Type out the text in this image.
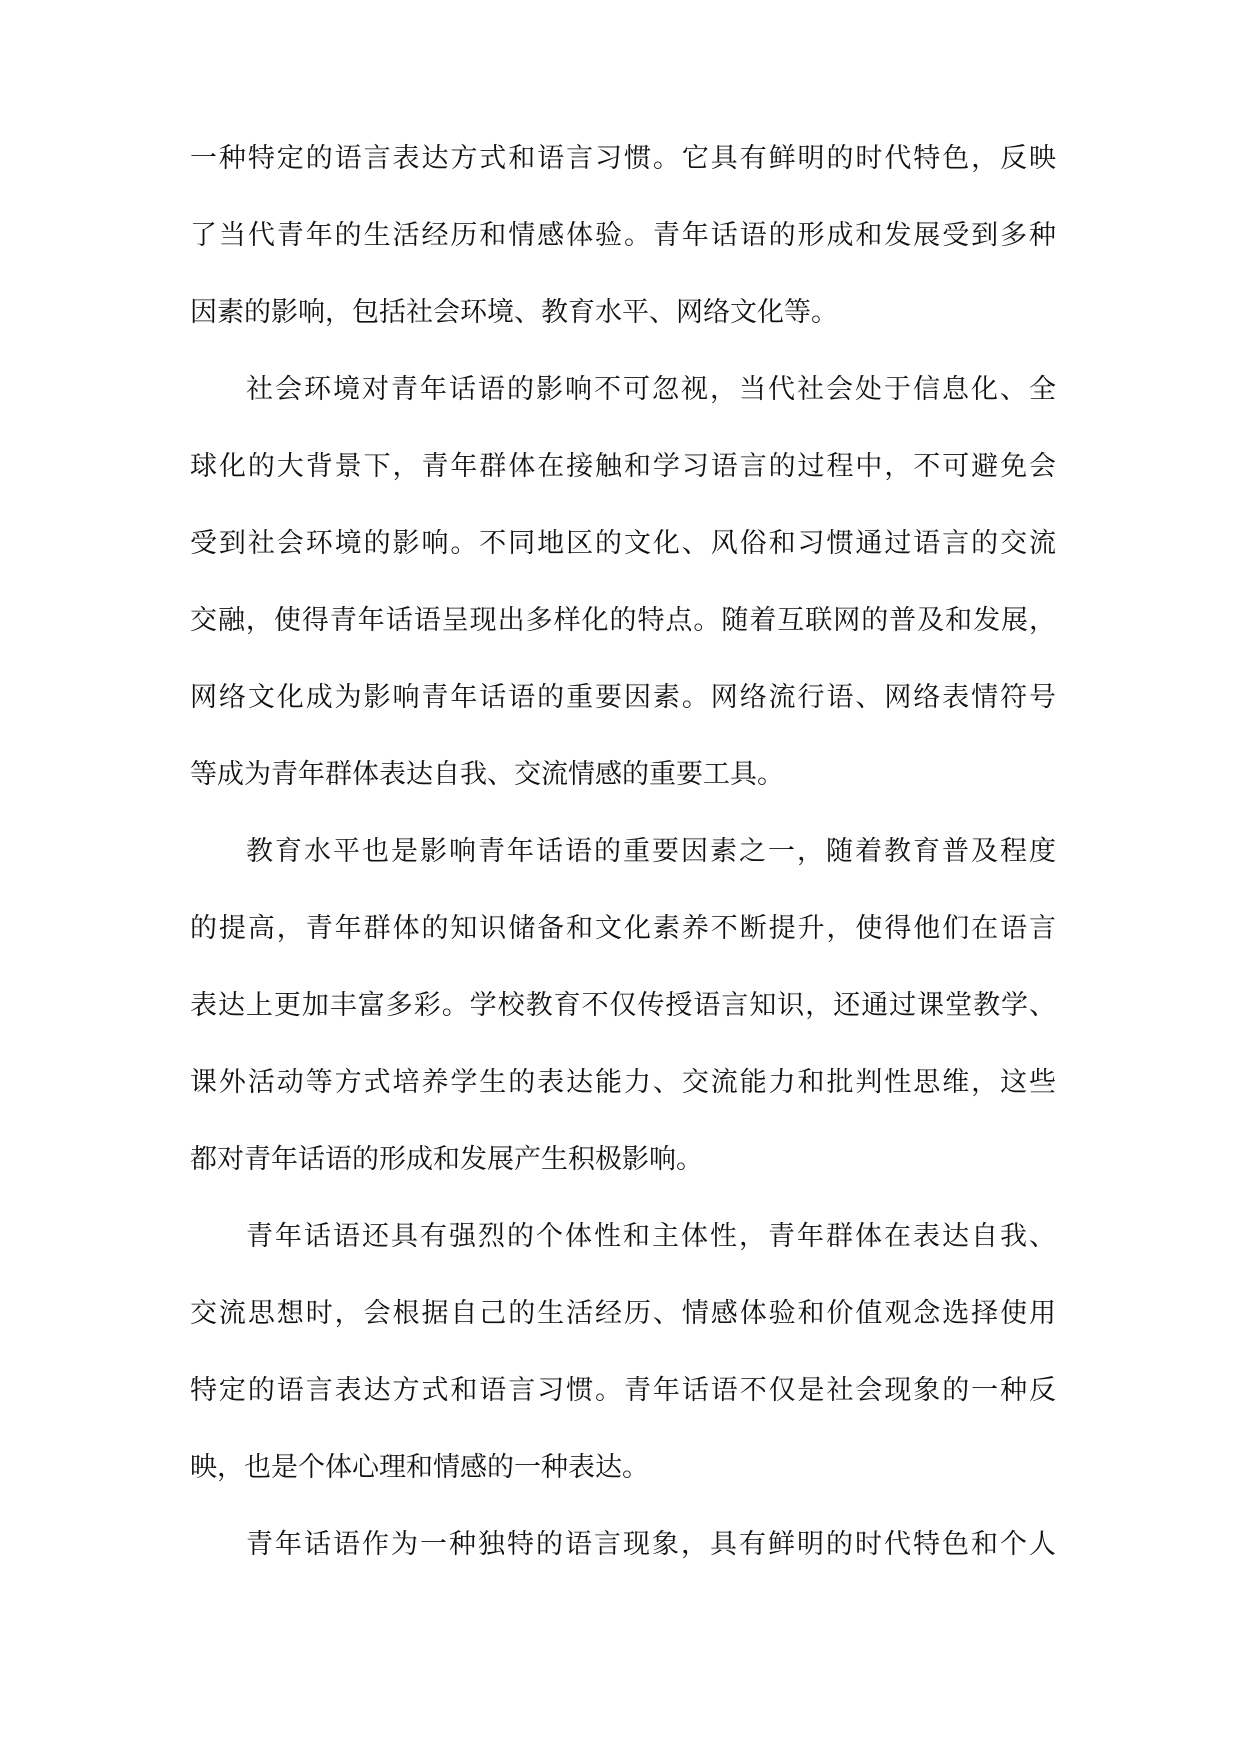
一种特定的语言表达方式和语言习惯。它具有鲜明的时代特色，反映
了当代青年的生活经历和情感体验。青年话语的形成和发展受到多种
因素的影响，包括社会环境、教育水平、网络文化等。
社会环境对青年话语的影响不可忽视，当代社会处于信息化、全
球化的大背景下，青年群体在接触和学习语言的过程中，不可避免会
受到社会环境的影响。不同地区的文化、风俗和习惯通过语言的交流
交融，使得青年话语呈现出多样化的特点。随着互联网的普及和发展，
网络文化成为影响青年话语的重要因素。网络流行语、网络表情符号
等成为青年群体表达自我、交流情感的重要工具。
教育水平也是影响青年话语的重要因素之一，随着教育普及程度
的提高，青年群体的知识储备和文化素养不断提升，使得他们在语言
表达上更加丰富多彩。学校教育不仅传授语言知识，还通过课堂教学、
课外活动等方式培养学生的表达能力、交流能力和批判性思维，这些
都对青年话语的形成和发展产生积极影响。
青年话语还具有强烈的个体性和主体性，青年群体在表达自我、
交流思想时，会根据自己的生活经历、情感体验和价值观念选择使用
特定的语言表达方式和语言习惯。青年话语不仅是社会现象的一种反
映，也是个体心理和情感的一种表达。
青年话语作为一种独特的语言现象，具有鲜明的时代特色和个人
